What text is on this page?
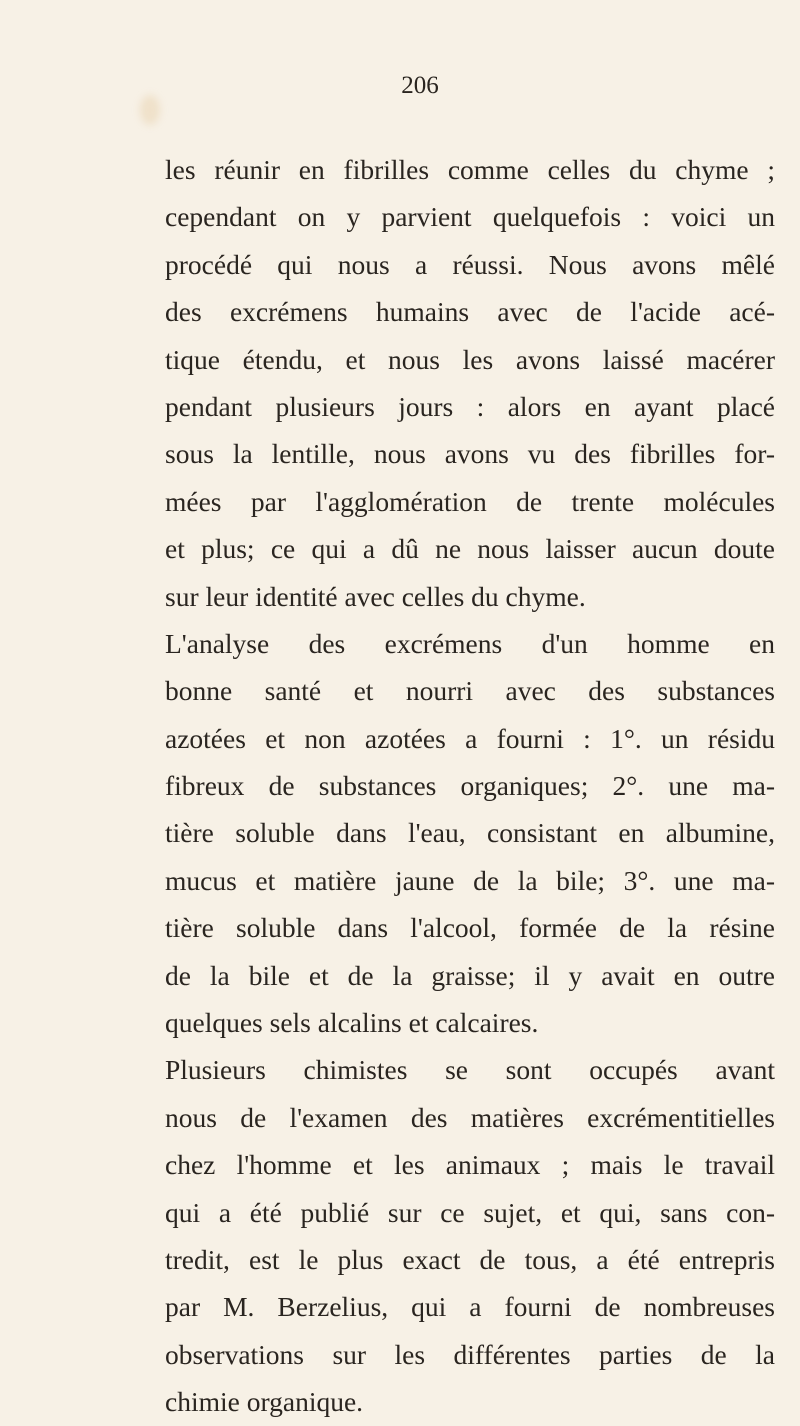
206
les réunir en fibrilles comme celles du chyme ;
cependant on y parvient quelquefois : voici un
procédé qui nous a réussi. Nous avons mêlé
des excrémens humains avec de l'acide acé-
tique étendu, et nous les avons laissé macérer
pendant plusieurs jours : alors en ayant placé
sous la lentille, nous avons vu des fibrilles for-
mées par l'agglomération de trente molécules
et plus; ce qui a dû ne nous laisser aucun doute
sur leur identité avec celles du chyme.
L'analyse des excrémens d'un homme en
bonne santé et nourri avec des substances
azotées et non azotées a fourni : 1°. un résidu
fibreux de substances organiques; 2°. une ma-
tière soluble dans l'eau, consistant en albumine,
mucus et matière jaune de la bile; 3°. une ma-
tière soluble dans l'alcool, formée de la résine
de la bile et de la graisse; il y avait en outre
quelques sels alcalins et calcaires.
Plusieurs chimistes se sont occupés avant
nous de l'examen des matières excrémentitielles
chez l'homme et les animaux ; mais le travail
qui a été publié sur ce sujet, et qui, sans con-
tredit, est le plus exact de tous, a été entrepris
par M. Berzelius, qui a fourni de nombreuses
observations sur les différentes parties de la
chimie organique.
